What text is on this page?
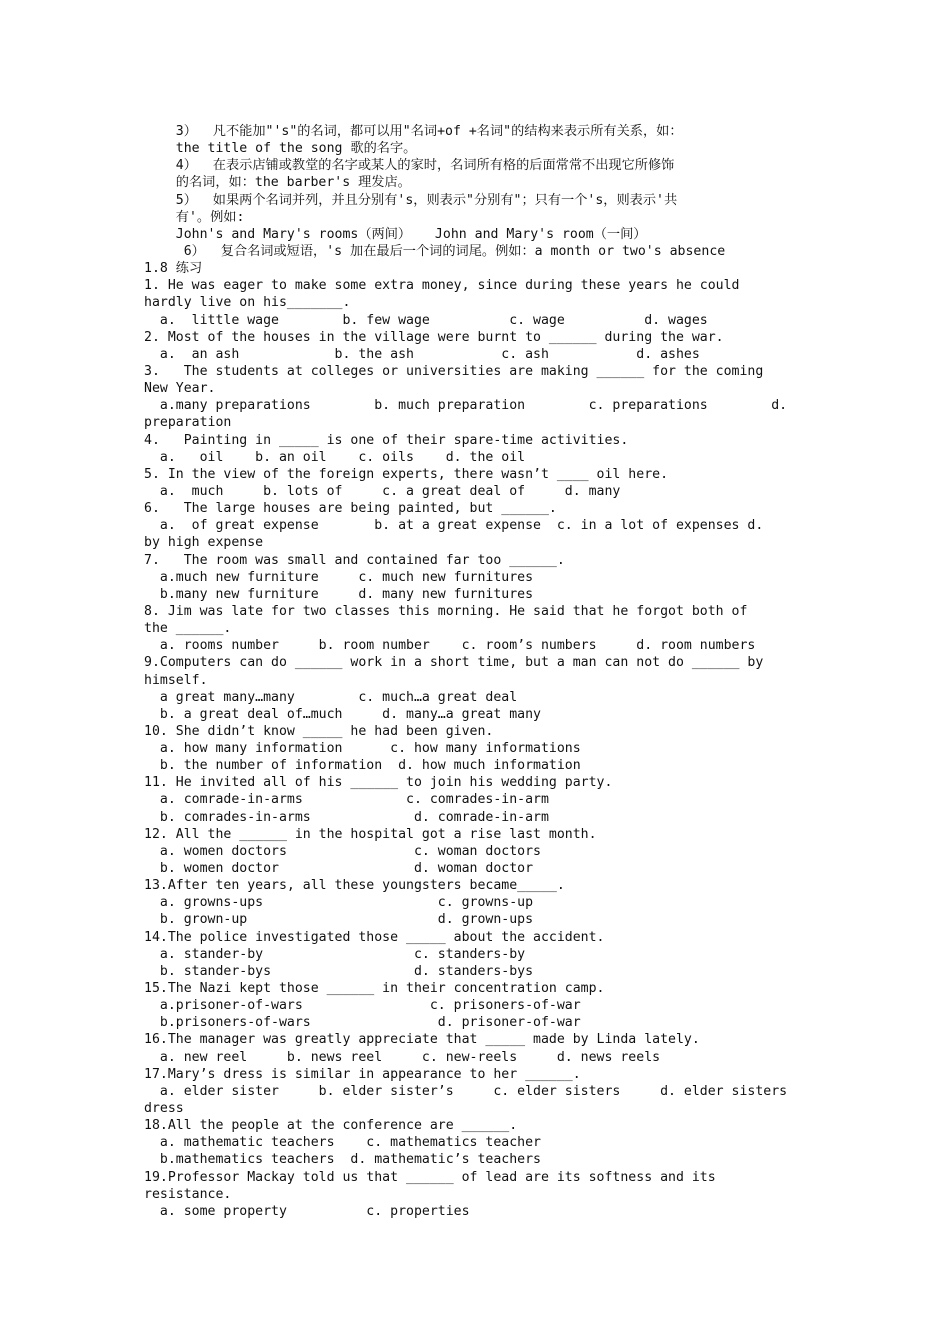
3）  凡不能加"'s"的名词，都可以用"名词+of +名词"的结构来表示所有关系，如：
the title of the song 歌的名字。
4）  在表示店铺或教堂的名字或某人的家时，名词所有格的后面常常不出现它所修饰
的名词，如：the barber's 理发店。
5）  如果两个名词并列，并且分别有's，则表示"分别有"；只有一个's，则表示'共
有'。例如:
John's and Mary's rooms（两间）   John and Mary's room（一间）
6）  复合名词或短语，'s 加在最后一个词的词尾。例如：a month or two's absence
1.8 练习
1. He was eager to make some extra money, since during these years he could
hardly live on his_______.
a.  little wage        b. few wage          c. wage          d. wages
2. Most of the houses in the village were burnt to ______ during the war.
a.  an ash            b. the ash           c. ash           d. ashes
3.   The students at colleges or universities are making ______ for the coming
New Year.
a.many preparations        b. much preparation        c. preparations        d.
preparation
4.   Painting in _____ is one of their spare-time activities.
a.   oil    b. an oil    c. oils    d. the oil
5. In the view of the foreign experts, there wasn’t ____ oil here.
a.  much     b. lots of     c. a great deal of     d. many
6.   The large houses are being painted, but ______.
a.  of great expense       b. at a great expense  c. in a lot of expenses d.
by high expense
7.   The room was small and contained far too ______.
a.much new furniture     c. much new furnitures
b.many new furniture     d. many new furnitures
8. Jim was late for two classes this morning. He said that he forgot both of
the ______.
a. rooms number     b. room number    c. room’s numbers     d. room numbers
9.Computers can do ______ work in a short time, but a man can not do ______ by
himself.
a great many…many        c. much…a great deal
b. a great deal of…much     d. many…a great many
10. She didn’t know _____ he had been given.
a. how many information      c. how many informations
b. the number of information  d. how much information
11. He invited all of his ______ to join his wedding party.
a. comrade-in-arms             c. comrades-in-arm
b. comrades-in-arms             d. comrade-in-arm
12. All the ______ in the hospital got a rise last month.
a. women doctors                c. woman doctors
b. women doctor                 d. woman doctor
13.After ten years, all these youngsters became_____.
a. growns-ups                      c. growns-up
b. grown-up                        d. grown-ups
14.The police investigated those _____ about the accident.
a. stander-by                   c. standers-by
b. stander-bys                  d. standers-bys
15.The Nazi kept those ______ in their concentration camp.
a.prisoner-of-wars                c. prisoners-of-war
b.prisoners-of-wars                d. prisoner-of-war
16.The manager was greatly appreciate that _____ made by Linda lately.
a. new reel     b. news reel     c. new-reels     d. news reels
17.Mary’s dress is similar in appearance to her ______.
a. elder sister     b. elder sister’s     c. elder sisters     d. elder sisters
dress
18.All the people at the conference are ______.
a. mathematic teachers    c. mathematics teacher
b.mathematics teachers  d. mathematic’s teachers
19.Professor Mackay told us that ______ of lead are its softness and its
resistance.
a. some property          c. properties
